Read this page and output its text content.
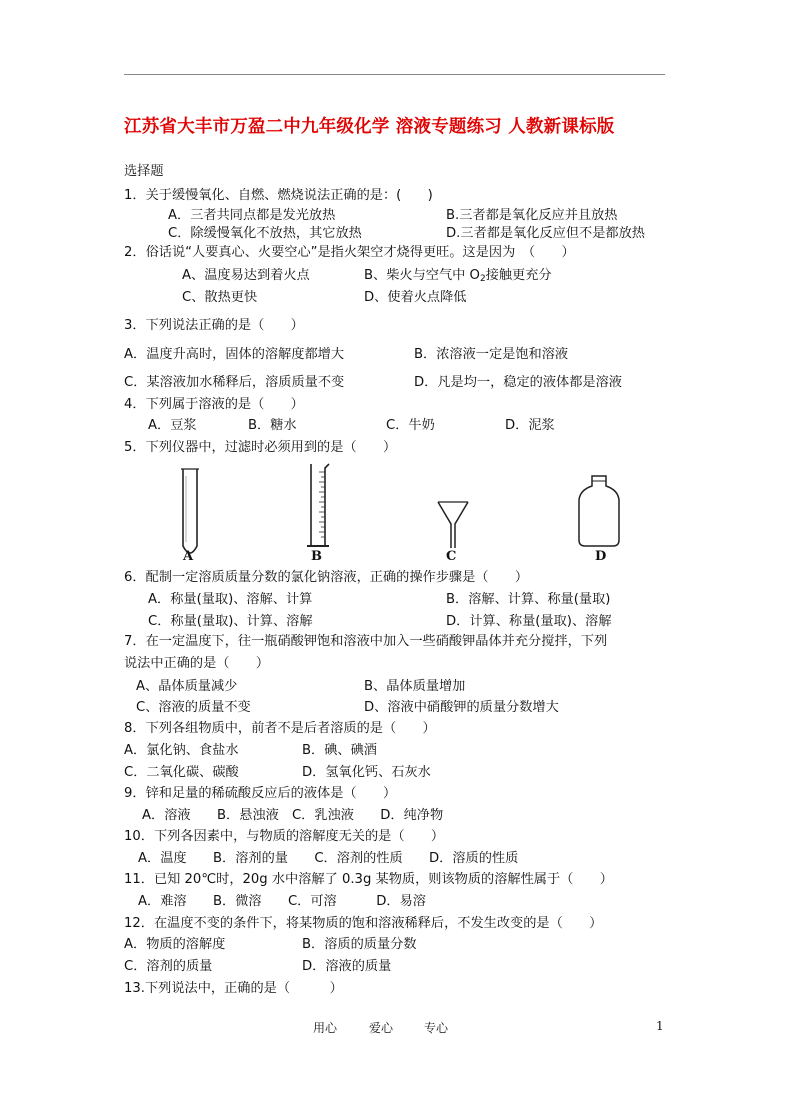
江苏省大丰市万盈二中九年级化学 溶液专题练习 人教新课标版
选择题
1．关于缓慢氧化、自燃、燃烧说法正确的是：(　　)
A．三者共同点都是发光放热	B.三者都是氧化反应并且放热
C．除缓慢氧化不放热，其它放热	D.三者都是氧化反应但不是都放热
2．俗话说“人要真心、火要空心”是指火架空才烧得更旺。这是因为　（　　）
A、温度易达到着火点	B、柴火与空气中 $O_2$接触更充分
C、散热更快	D、使着火点降低
3．下列说法正确的是（　　）
A．温度升高时，固体的溶解度都增大	B．浓溶液一定是饱和溶液
C．某溶液加水稀释后，溶质质量不变	D．凡是均一，稳定的液体都是溶液
4．下列属于溶液的是（　　）
A．豆浆	B．糖水	C．牛奶	D．泥浆
5．下列仪器中，过滤时必须用到的是（　　）
A	B	C	D
6．配制一定溶质质量分数的氯化钠溶液，正确的操作步骤是（　　）
A．称量(量取)、溶解、计算	B．溶解、计算、称量(量取)
C．称量(量取)、计算、溶解	D．计算、称量(量取)、溶解
7．在一定温度下，往一瓶硝酸钾饱和溶液中加入一些硝酸钾晶体并充分搅拌，下列
说法中正确的是（　　）
A、晶体质量减少	B、晶体质量增加
C、溶液的质量不变	D、溶液中硝酸钾的质量分数增大
8．下列各组物质中，前者不是后者溶质的是（　　）
A．氯化钠、食盐水	B．碘、碘酒
C．二氧化碳、碳酸	D．氢氧化钙、石灰水
9．锌和足量的稀硫酸反应后的液体是（　　）
A．溶液　　B．悬浊液　C．乳浊液　　D．纯净物
10．下列各因素中，与物质的溶解度无关的是（　　）
A．温度　　B．溶剂的量　　C．溶剂的性质　　D．溶质的性质
11．已知 20℃时，20g 水中溶解了 0.3g 某物质，则该物质的溶解性属于（　　）
A．难溶　　B．微溶　　C．可溶　　　D．易溶
12．在温度不变的条件下，将某物质的饱和溶液稀释后，不发生改变的是（　　）
A．物质的溶解度	B．溶质的质量分数
C．溶剂的质量	D．溶液的质量
13.下列说法中，正确的是（　　　）
用心	爱心	专心	1
